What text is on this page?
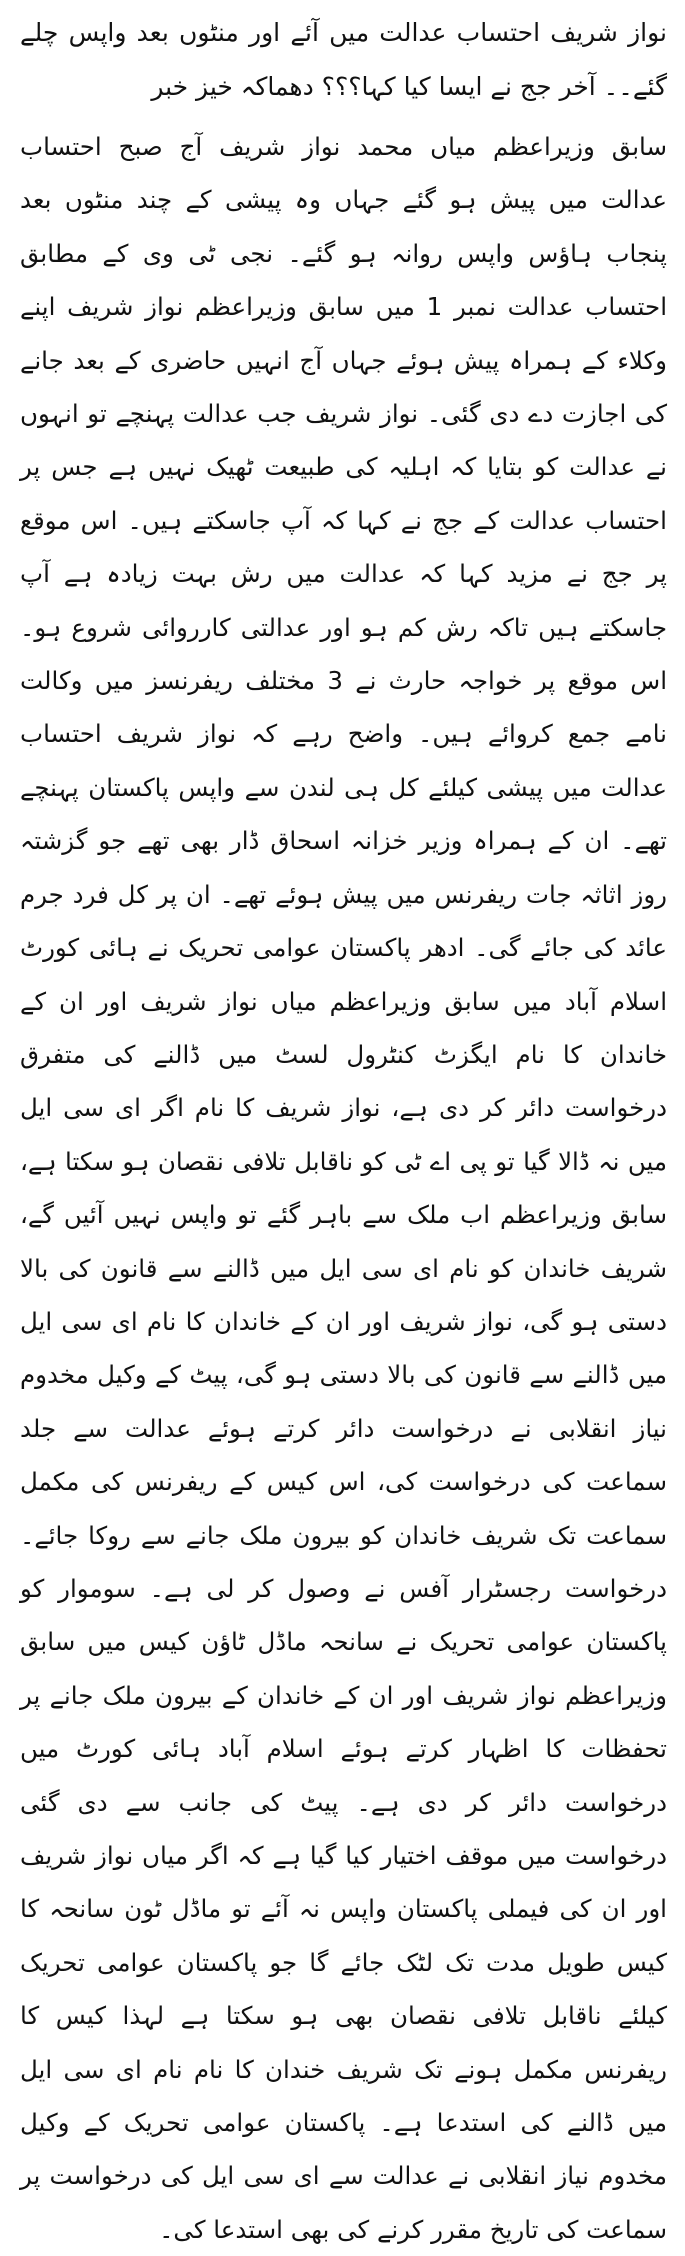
نواز شریف احتساب عدالت میں آئے اور منٹوں بعد واپس چلے گئے۔۔ آخر جج نے ایسا کیا کہا؟؟؟ دھماکہ خیز خبر

سابق وزیراعظم میاں محمد نواز شریف آج صبح احتساب عدالت میں پیش ہو گئے جہاں وہ پیشی کے چند منٹوں بعد پنجاب ہاؤس واپس روانہ ہو گئے۔ نجی ٹی وی کے مطابق احتساب عدالت نمبر 1 میں سابق وزیراعظم نواز شریف اپنے وکلاء کے ہمراہ پیش ہوئے جہاں آج انہیں حاضری کے بعد جانے کی اجازت دے دی گئی۔ نواز شریف جب عدالت پہنچے تو انہوں نے عدالت کو بتایا کہ اہلیہ کی طبیعت ٹھیک نہیں ہے جس پر احتساب عدالت کے جج نے کہا کہ آپ جاسکتے ہیں۔ اس موقع پر جج نے مزید کہا کہ عدالت میں رش بہت زیادہ ہے آپ جاسکتے ہیں تاکہ رش کم ہو اور عدالتی کارروائی شروع ہو۔ اس موقع پر خواجہ حارث نے 3 مختلف ریفرنسز میں وکالت نامے جمع کروائے ہیں۔ واضح رہے کہ نواز شریف احتساب عدالت میں پیشی کیلئے کل ہی لندن سے واپس پاکستان پہنچے تھے۔ ان کے ہمراہ وزیر خزانہ اسحاق ڈار بھی تھے جو گزشتہ روز اثاثہ جات ریفرنس میں پیش ہوئے تھے۔ ان پر کل فرد جرم عائد کی جائے گی۔ ادھر پاکستان عوامی تحریک نے ہائی کورٹ اسلام آباد میں سابق وزیراعظم میاں نواز شریف اور ان کے خاندان کا نام ایگزٹ کنٹرول لسٹ میں ڈالنے کی متفرق درخواست دائر کر دی ہے، نواز شریف کا نام اگر ای سی ایل میں نہ ڈالا گیا تو پی اے ٹی کو ناقابل تلافی نقصان ہو سکتا ہے، سابق وزیراعظم اب ملک سے باہر گئے تو واپس نہیں آئیں گے، شریف خاندان کو نام ای سی ایل میں ڈالنے سے قانون کی بالا دستی ہو گی، نواز شریف اور ان کے خاندان کا نام ای سی ایل میں ڈالنے سے قانون کی بالا دستی ہو گی، پیٹ کے وکیل مخدوم نیاز انقلابی نے درخواست دائر کرتے ہوئے عدالت سے جلد سماعت کی درخواست کی، اس کیس کے ریفرنس کی مکمل سماعت تک شریف خاندان کو بیرون ملک جانے سے روکا جائے۔ درخواست رجسٹرار آفس نے وصول کر لی ہے۔ سوموار کو پاکستان عوامی تحریک نے سانحہ ماڈل ٹاؤن کیس میں سابق وزیراعظم نواز شریف اور ان کے خاندان کے بیرون ملک جانے پر تحفظات کا اظہار کرتے ہوئے اسلام آباد ہائی کورٹ میں درخواست دائر کر دی ہے۔ پیٹ کی جانب سے دی گئی درخواست میں موقف اختیار کیا گیا ہے کہ اگر میاں نواز شریف اور ان کی فیملی پاکستان واپس نہ آئے تو ماڈل ٹون سانحہ کا کیس طویل مدت تک لٹک جائے گا جو پاکستان عوامی تحریک کیلئے ناقابل تلافی نقصان بھی ہو سکتا ہے لہذا کیس کا ریفرنس مکمل ہونے تک شریف خندان کا نام نام ای سی ایل میں ڈالنے کی استدعا ہے۔ پاکستان عوامی تحریک کے وکیل مخدوم نیاز انقلابی نے عدالت سے ای سی ایل کی درخواست پر سماعت کی تاریخ مقرر کرنے کی بھی استدعا کی۔
